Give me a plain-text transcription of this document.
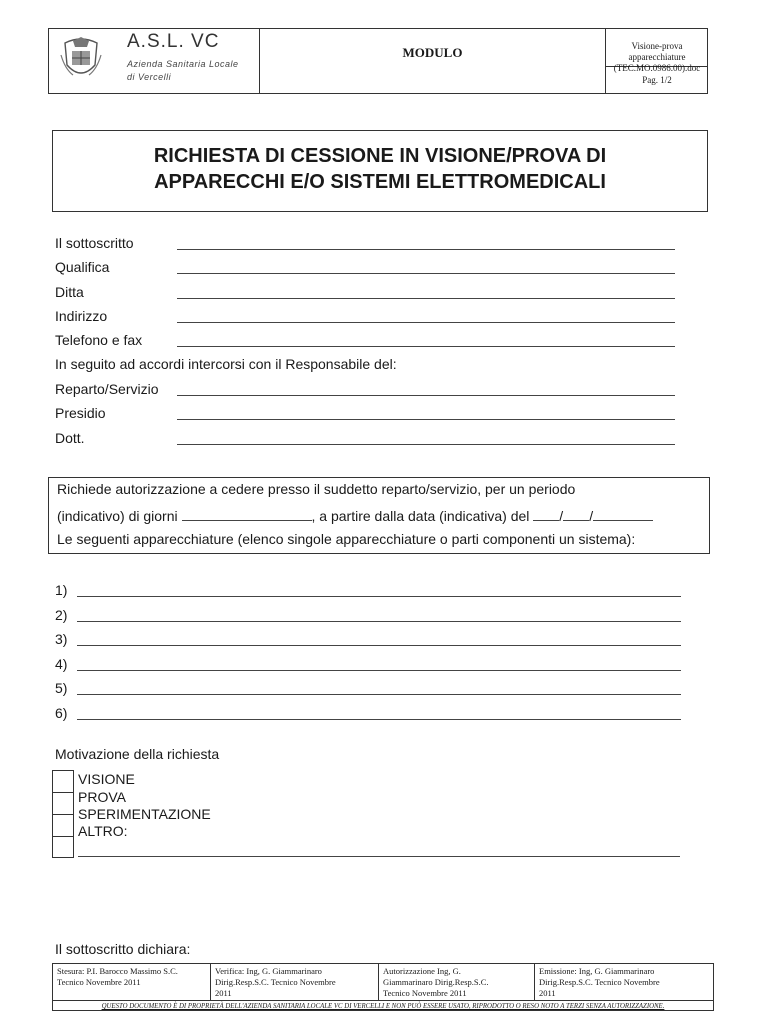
A.S.L. VC
Azienda Sanitaria Locale
di Vercelli
MODULO	Visione-prova apparecchiature
(TEC.MO.0986.00).doc
Pag. 1/2
RICHIESTA DI CESSIONE IN VISIONE/PROVA DI
APPARECCHI E/O SISTEMI ELETTROMEDICALI
Il sottoscritto
Qualifica
Ditta
Indirizzo
Telefono e fax
In seguito ad accordi intercorsi con il Responsabile del:
Reparto/Servizio
Presidio
Dott.
Richiede autorizzazione a cedere presso il suddetto reparto/servizio, per un periodo
(indicativo) di giorni	, a partire dalla data (indicativa) del / /
Le seguenti apparecchiature (elenco singole apparecchiature o parti componenti un sistema):
1)
2)
3)
4)
5)
6)
Motivazione della richiesta
VISIONE
PROVA
SPERIMENTAZIONE
ALTRO:
Il sottoscritto dichiara:
Stesura: P.I. Barocco Massimo S.C.
Tecnico Novembre 2011
Verifica: Ing, G. Giammarinaro
Dirig.Resp.S.C. Tecnico Novembre
2011
Autorizzazione Ing, G.
Giammarinaro Dirig.Resp.S.C.
Tecnico Novembre 2011
Emissione: Ing, G. Giammarinaro
Dirig.Resp.S.C. Tecnico Novembre
2011
QUESTO DOCUMENTO È DI PROPRIETÀ DELL'AZIENDA SANITARIA LOCALE VC DI VERCELLI E NON PUÒ ESSERE USATO, RIPRODOTTO O RESO NOTO A TERZI SENZA AUTORIZZAZIONE.
